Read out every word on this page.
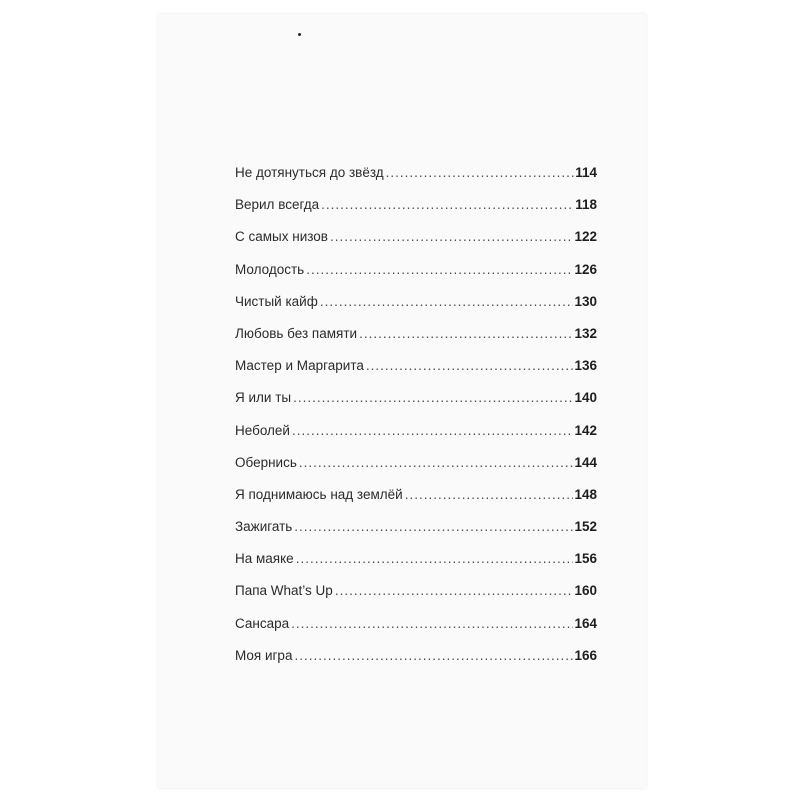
Не дотянуться до звёзд .....	114
Верил всегда .....	118
С самых низов .....	122
Молодость .....	126
Чистый кайф .....	130
Любовь без памяти .....	132
Мастер и Маргарита .....	136
Я или ты .....	140
Неболей .....	142
Обернись .....	144
Я поднимаюсь над землёй .....	148
Зажигать .....	152
На маяке .....	156
Папа What’s Up .....	160
Сансара .....	164
Моя игра .....	166
